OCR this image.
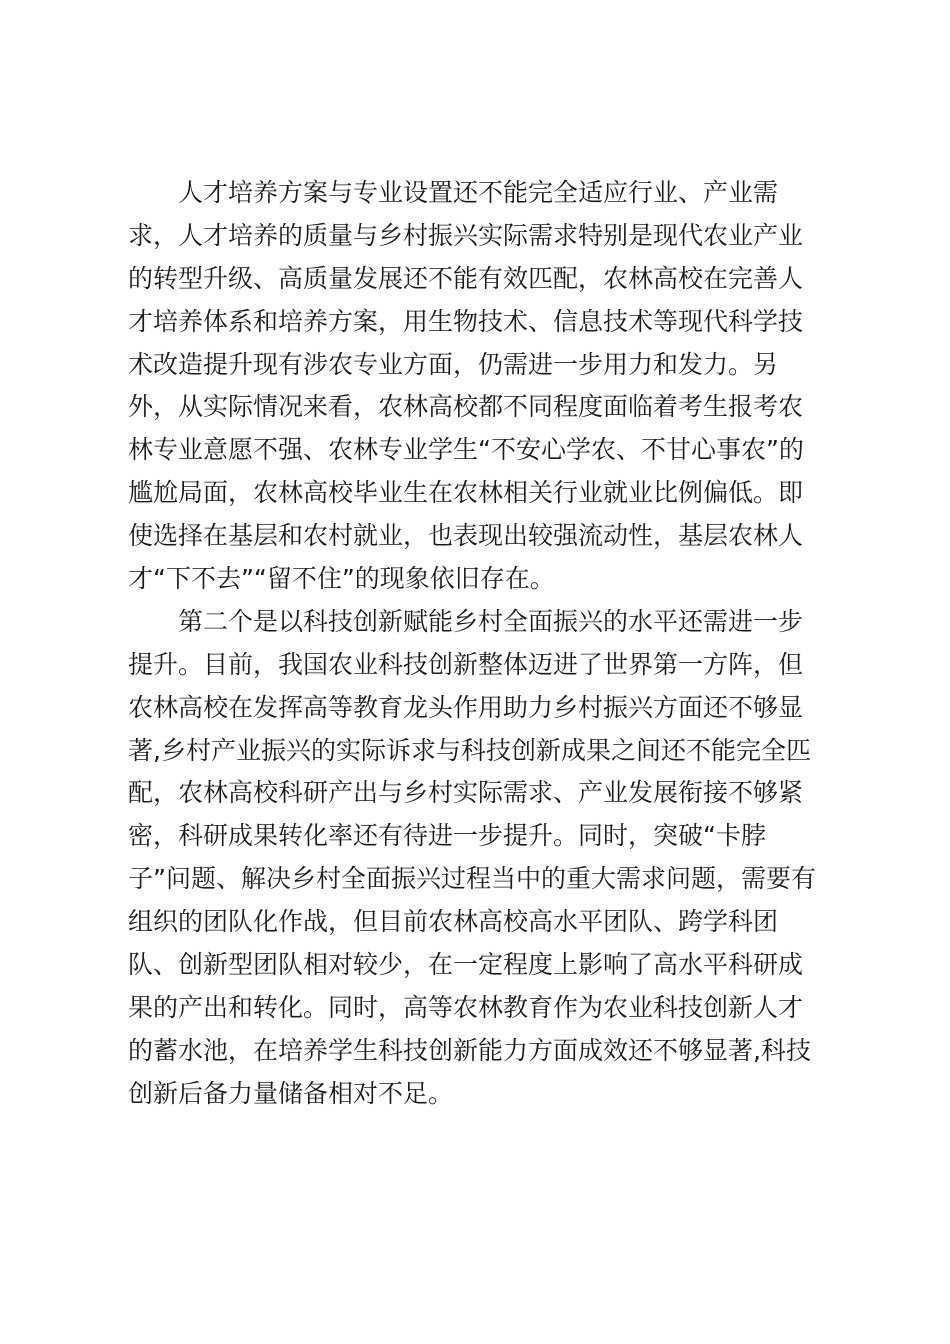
人才培养方案与专业设置还不能完全适应行业、产业需
求，人才培养的质量与乡村振兴实际需求特别是现代农业产业
的转型升级、高质量发展还不能有效匹配，农林高校在完善人
才培养体系和培养方案，用生物技术、信息技术等现代科学技
术改造提升现有涉农专业方面，仍需进一步用力和发力。另
外，从实际情况来看，农林高校都不同程度面临着考生报考农
林专业意愿不强、农林专业学生“不安心学农、不甘心事农”的
尴尬局面，农林高校毕业生在农林相关行业就业比例偏低。即
使选择在基层和农村就业，也表现出较强流动性，基层农林人
才“下不去”“留不住”的现象依旧存在。
第二个是以科技创新赋能乡村全面振兴的水平还需进一步
提升。目前，我国农业科技创新整体迈进了世界第一方阵，但
农林高校在发挥高等教育龙头作用助力乡村振兴方面还不够显
著,乡村产业振兴的实际诉求与科技创新成果之间还不能完全匹
配，农林高校科研产出与乡村实际需求、产业发展衔接不够紧
密，科研成果转化率还有待进一步提升。同时，突破“卡脖
子”问题、解决乡村全面振兴过程当中的重大需求问题，需要有
组织的团队化作战，但目前农林高校高水平团队、跨学科团
队、创新型团队相对较少，在一定程度上影响了高水平科研成
果的产出和转化。同时，高等农林教育作为农业科技创新人才
的蓄水池，在培养学生科技创新能力方面成效还不够显著,科技
创新后备力量储备相对不足。
